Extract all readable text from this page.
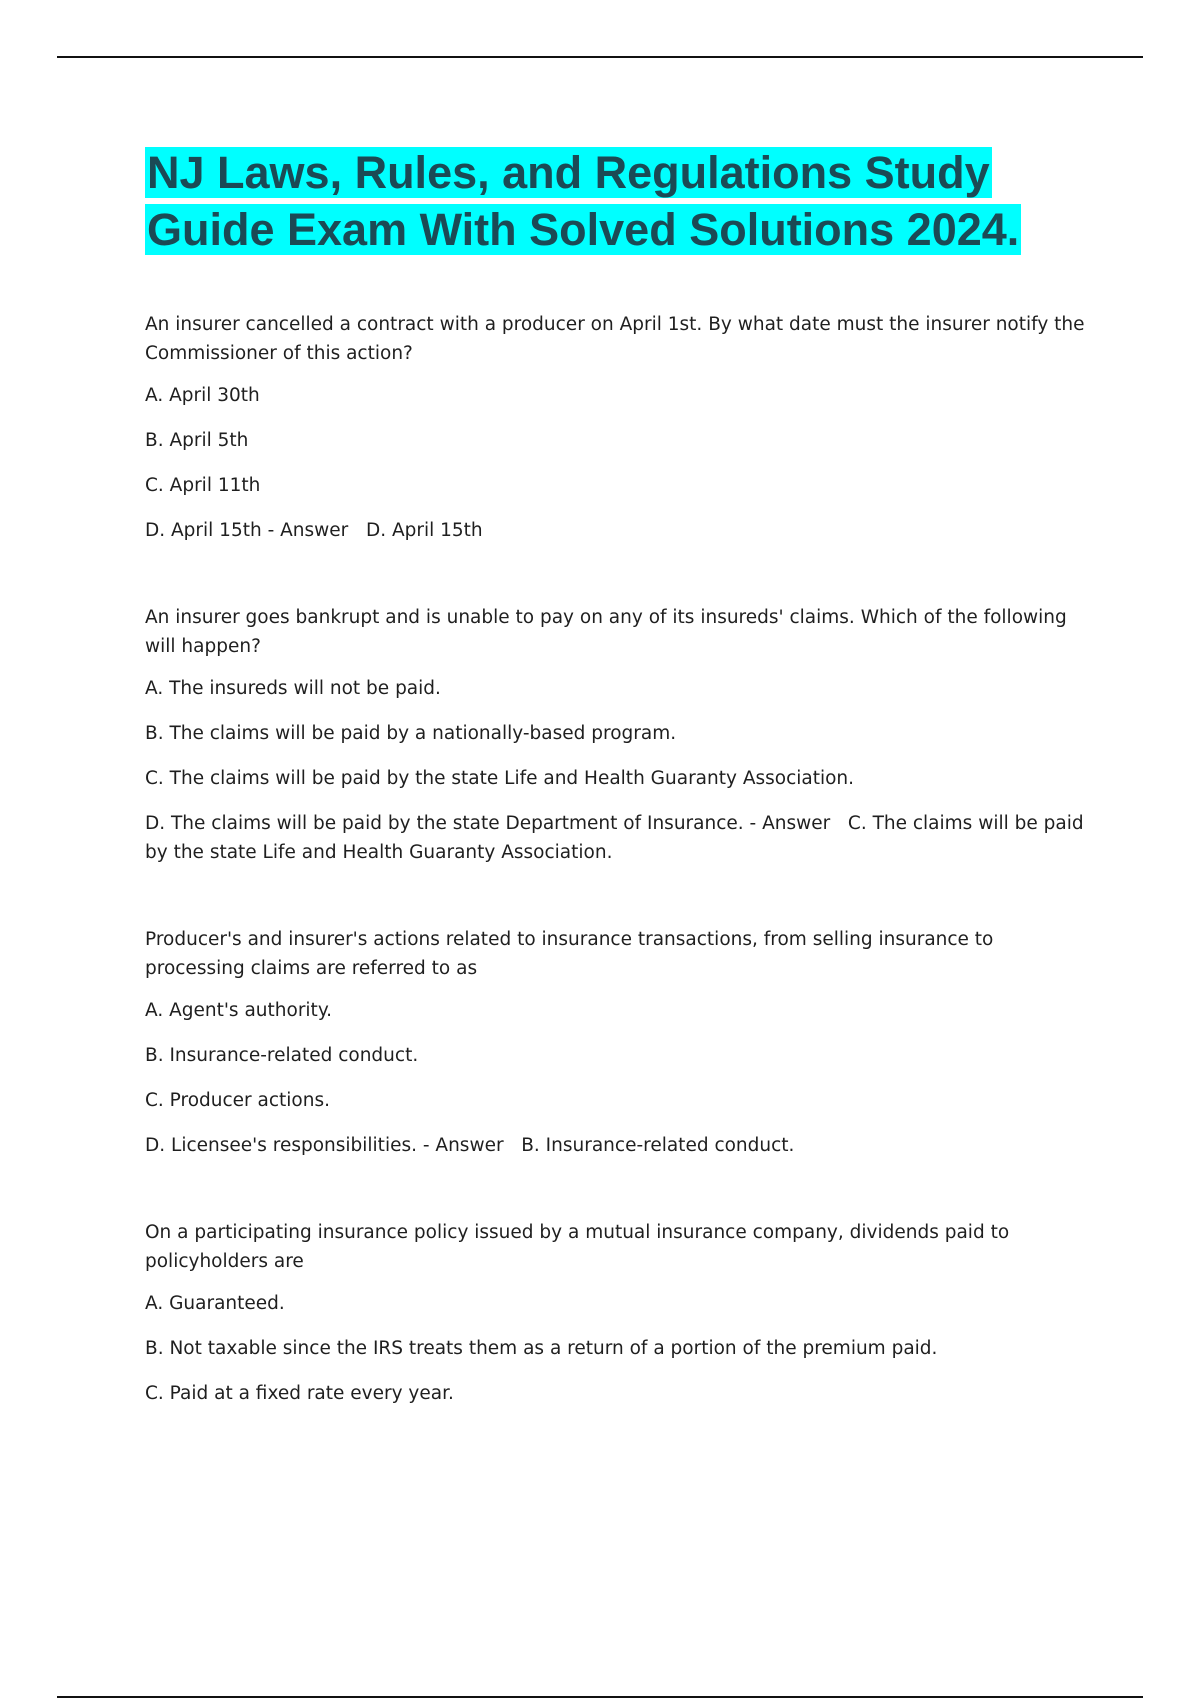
NJ Laws, Rules, and Regulations Study Guide Exam With Solved Solutions 2024.

An insurer cancelled a contract with a producer on April 1st. By what date must the insurer notify the Commissioner of this action?

A. April 30th

B. April 5th

C. April 11th

D. April 15th - Answer D. April 15th

An insurer goes bankrupt and is unable to pay on any of its insureds' claims. Which of the following will happen?

A. The insureds will not be paid.

B. The claims will be paid by a nationally-based program.

C. The claims will be paid by the state Life and Health Guaranty Association.

D. The claims will be paid by the state Department of Insurance. - Answer C. The claims will be paid by the state Life and Health Guaranty Association.

Producer's and insurer's actions related to insurance transactions, from selling insurance to processing claims are referred to as

A. Agent's authority.

B. Insurance-related conduct.

C. Producer actions.

D. Licensee's responsibilities. - Answer B. Insurance-related conduct.

On a participating insurance policy issued by a mutual insurance company, dividends paid to policyholders are

A. Guaranteed.

B. Not taxable since the IRS treats them as a return of a portion of the premium paid.

C. Paid at a fixed rate every year.
